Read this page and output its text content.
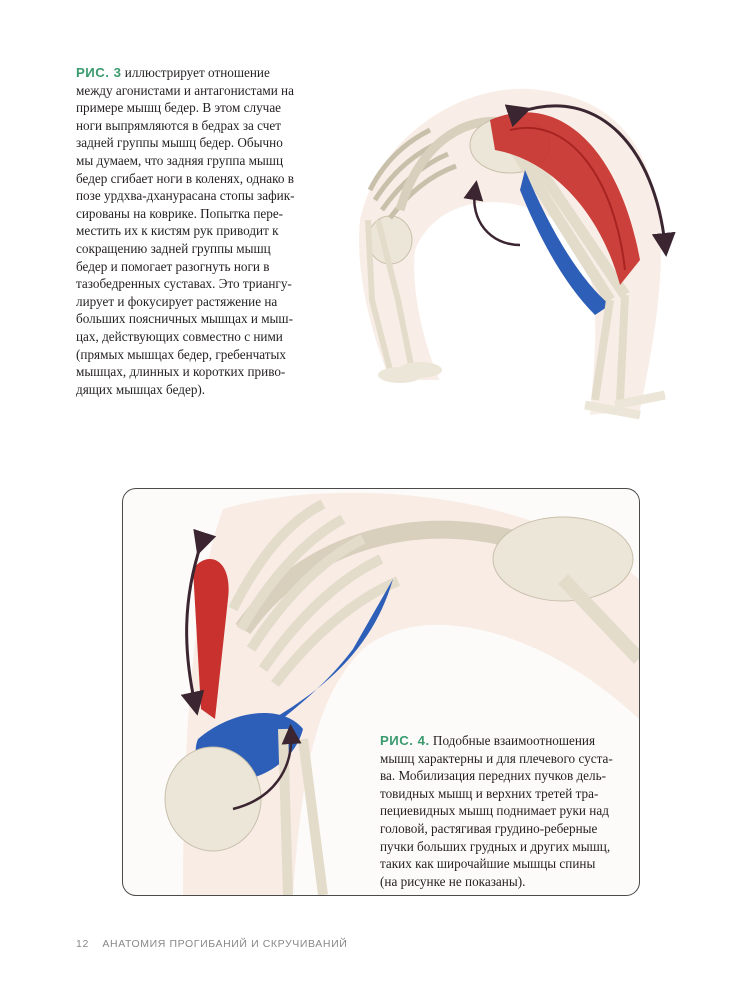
РИС. 3 иллюстрирует отношение

между агонистами и антагонистами на

примере мышц бедер. В этом случае

ноги выпрямляются в бедрах за счет

задней группы мышц бедер. Обычно

мы думаем, что задняя группа мышц

бедер сгибает ноги в коленях, однако в

позе урдхва-дханурасана стопы зафик-

сированы на коврике. Попытка пере-

местить их к кистям рук приводит к

сокращению задней группы мышц

бедер и помогает разогнуть ноги в

тазобедренных суставах. Это триангу-

лирует и фокусирует растяжение на

больших поясничных мышцах и мыш-

цах, действующих совместно с ними

(прямых мышцах бедер, гребенчатых

мышцах, длинных и коротких приво-

дящих мышцах бедер).

РИС. 4. Подобные взаимоотношения

мышц характерны и для плечевого суста-

ва. Мобилизация передних пучков дель-

товидных мышц и верхних третей тра-

пециевидных мышц поднимает руки над

головой, растягивая грудино-реберные

пучки больших грудных и других мышц,

таких как широчайшие мышцы спины

(на рисунке не показаны).

12 АНАТОМИЯ ПРОГИБАНИЙ И СКРУЧИВАНИЙ
